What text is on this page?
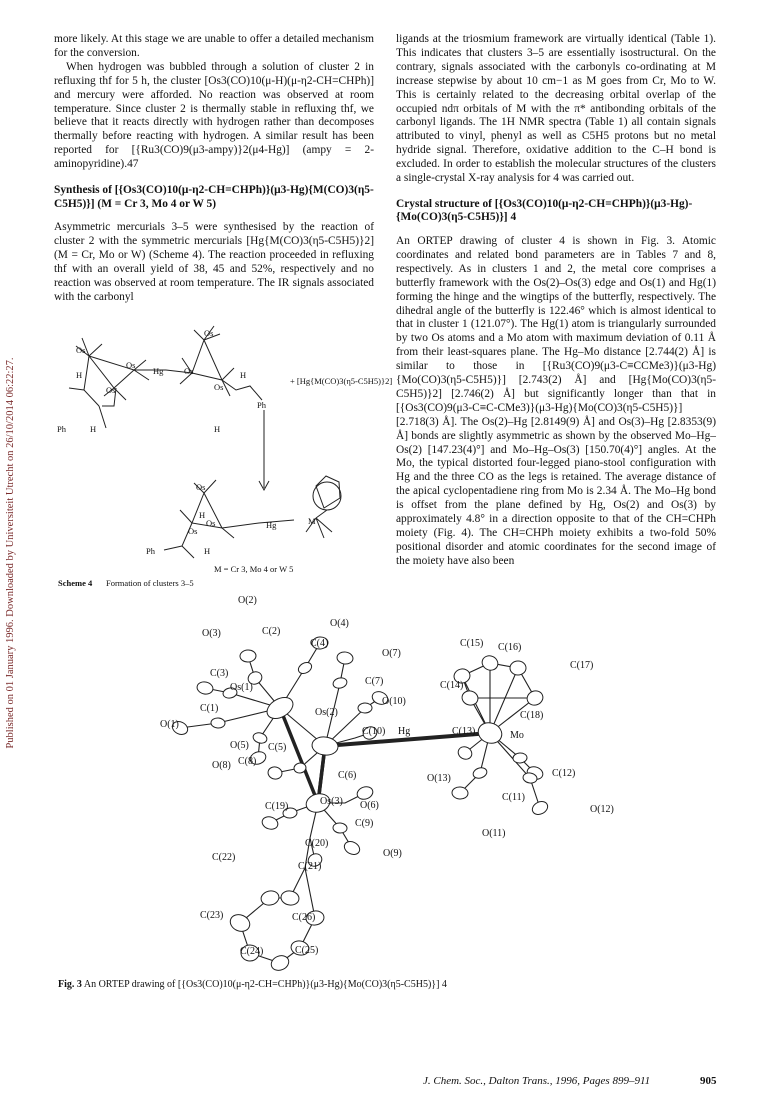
Published on 01 January 1996. Downloaded by Universiteit Utrecht on 26/10/2014 06:22:27.

more likely. At this stage we are unable to offer a detailed mechanism for the conversion.

When hydrogen was bubbled through a solution of cluster 2 in refluxing thf for 5 h, the cluster [Os3(CO)10(μ-H)(μ-η2-CH=CHPh)] and mercury were afforded. No reaction was observed at room temperature. Since cluster 2 is thermally stable in refluxing thf, we believe that it reacts directly with hydrogen rather than decomposes thermally before reacting with hydrogen. A similar result has been reported for [{Ru3(CO)9(μ3-ampy)}2(μ4-Hg)] (ampy = 2-aminopyridine).47

Synthesis of [{Os3(CO)10(μ-η2-CH=CHPh)}(μ3-Hg){M(CO)3(η5-C5H5)}] (M = Cr 3, Mo 4 or W 5)

Asymmetric mercurials 3–5 were synthesised by the reaction of cluster 2 with the symmetric mercurials [Hg{M(CO)3(η5-C5H5)}2] (M = Cr, Mo or W) (Scheme 4). The reaction proceeded in refluxing thf with an overall yield of 38, 45 and 52%, respectively and no reaction was observed at room temperature. The IR signals associated with the carbonyl

ligands at the triosmium framework are virtually identical (Table 1). This indicates that clusters 3–5 are essentially isostructural. On the contrary, signals associated with the carbonyls co-ordinating at M increase stepwise by about 10 cm−1 as M goes from Cr, Mo to W. This is certainly related to the decreasing orbital overlap of the occupied ndπ orbitals of M with the π* antibonding orbitals of the carbonyl ligands. The 1H NMR spectra (Table 1) all contain signals attributed to vinyl, phenyl as well as C5H5 protons but no metal hydride signal. Therefore, oxidative addition to the C–H bond is excluded. In order to establish the molecular structures of the clusters a single-crystal X-ray analysis for 4 was carried out.

Crystal structure of [{Os3(CO)10(μ-η2-CH=CHPh)}(μ3-Hg)-{Mo(CO)3(η5-C5H5)}] 4

An ORTEP drawing of cluster 4 is shown in Fig. 3. Atomic coordinates and related bond parameters are in Tables 7 and 8, respectively. As in clusters 1 and 2, the metal core comprises a butterfly framework with the Os(2)–Os(3) edge and Os(1) and Hg(1) forming the hinge and the wingtips of the butterfly, respectively. The dihedral angle of the butterfly is 122.46° which is almost identical to that in cluster 1 (121.07°). The Hg(1) atom is triangularly surrounded by two Os atoms and a Mo atom with maximum deviation of 0.11 Å from their least-squares plane. The Hg–Mo distance [2.744(2) Å] is similar to those in [{Ru3(CO)9(μ3-C≡CCMe3)}(μ3-Hg){Mo(CO)3(η5-C5H5)}] [2.743(2) Å] and [Hg{Mo(CO)3(η5-C5H5)}2] [2.746(2) Å] but significantly longer than that in [{Os3(CO)9(μ3-C≡C-CMe3)}(μ3-Hg){Mo(CO)3(η5-C5H5)}] [2.718(3) Å]. The Os(2)–Hg [2.8149(9) Å] and Os(3)–Hg [2.8353(9) Å] bonds are slightly asymmetric as shown by the observed Mo–Hg–Os(2) [147.23(4)°] and Mo–Hg–Os(3) [150.70(4)°] angles. At the Mo, the typical distorted four-legged piano-stool configuration with Hg and the three CO as the legs is retained. The average distance of the apical cyclopentadiene ring from Mo is 2.34 Å. The Mo–Hg bond is offset from the plane defined by Hg, Os(2) and Os(3) by approximately 4.8° in a direction opposite to that of the CH=CHPh moiety (Fig. 4). The CH=CHPh moiety exhibits a two-fold 50% positional disorder and atomic coordinates for the second image of the moiety have also been

Os
Os
Os
Hg
H
Ph	H
Os
Os
Os
H
H
Ph
+ [Hg{M(CO)3(η5-C5H5)}2]
Os
Os
Os
Hg	M
H
Ph	H
M = Cr 3, Mo 4 or W 5
Scheme 4 Formation of clusters 3–5
O(2)
O(3)	C(2)
O(4)
C(4)
O(7)
C(15) C(16)
C(17)
C(3)
Os(1)
C(7)	C(14)
O(10)
C(1)	Os(2)	C(18)
O(1)
C(10) Hg	C(13)	Mo
O(5) C(5)
O(8) C(8)
C(6)	O(13)	C(12)
C(19)	Os(3) O(6)
C(11)
O(12)
C(9)
O(11)
C(20)
O(9)
C(22)
C(21)
C(23)	C(26)
C(24)	C(25)
Fig. 3 An ORTEP drawing of [{Os3(CO)10(μ-η2-CH=CHPh)}(μ3-Hg){Mo(CO)3(η5-C5H5)}] 4
J. Chem. Soc., Dalton Trans., 1996, Pages 899–911	905
